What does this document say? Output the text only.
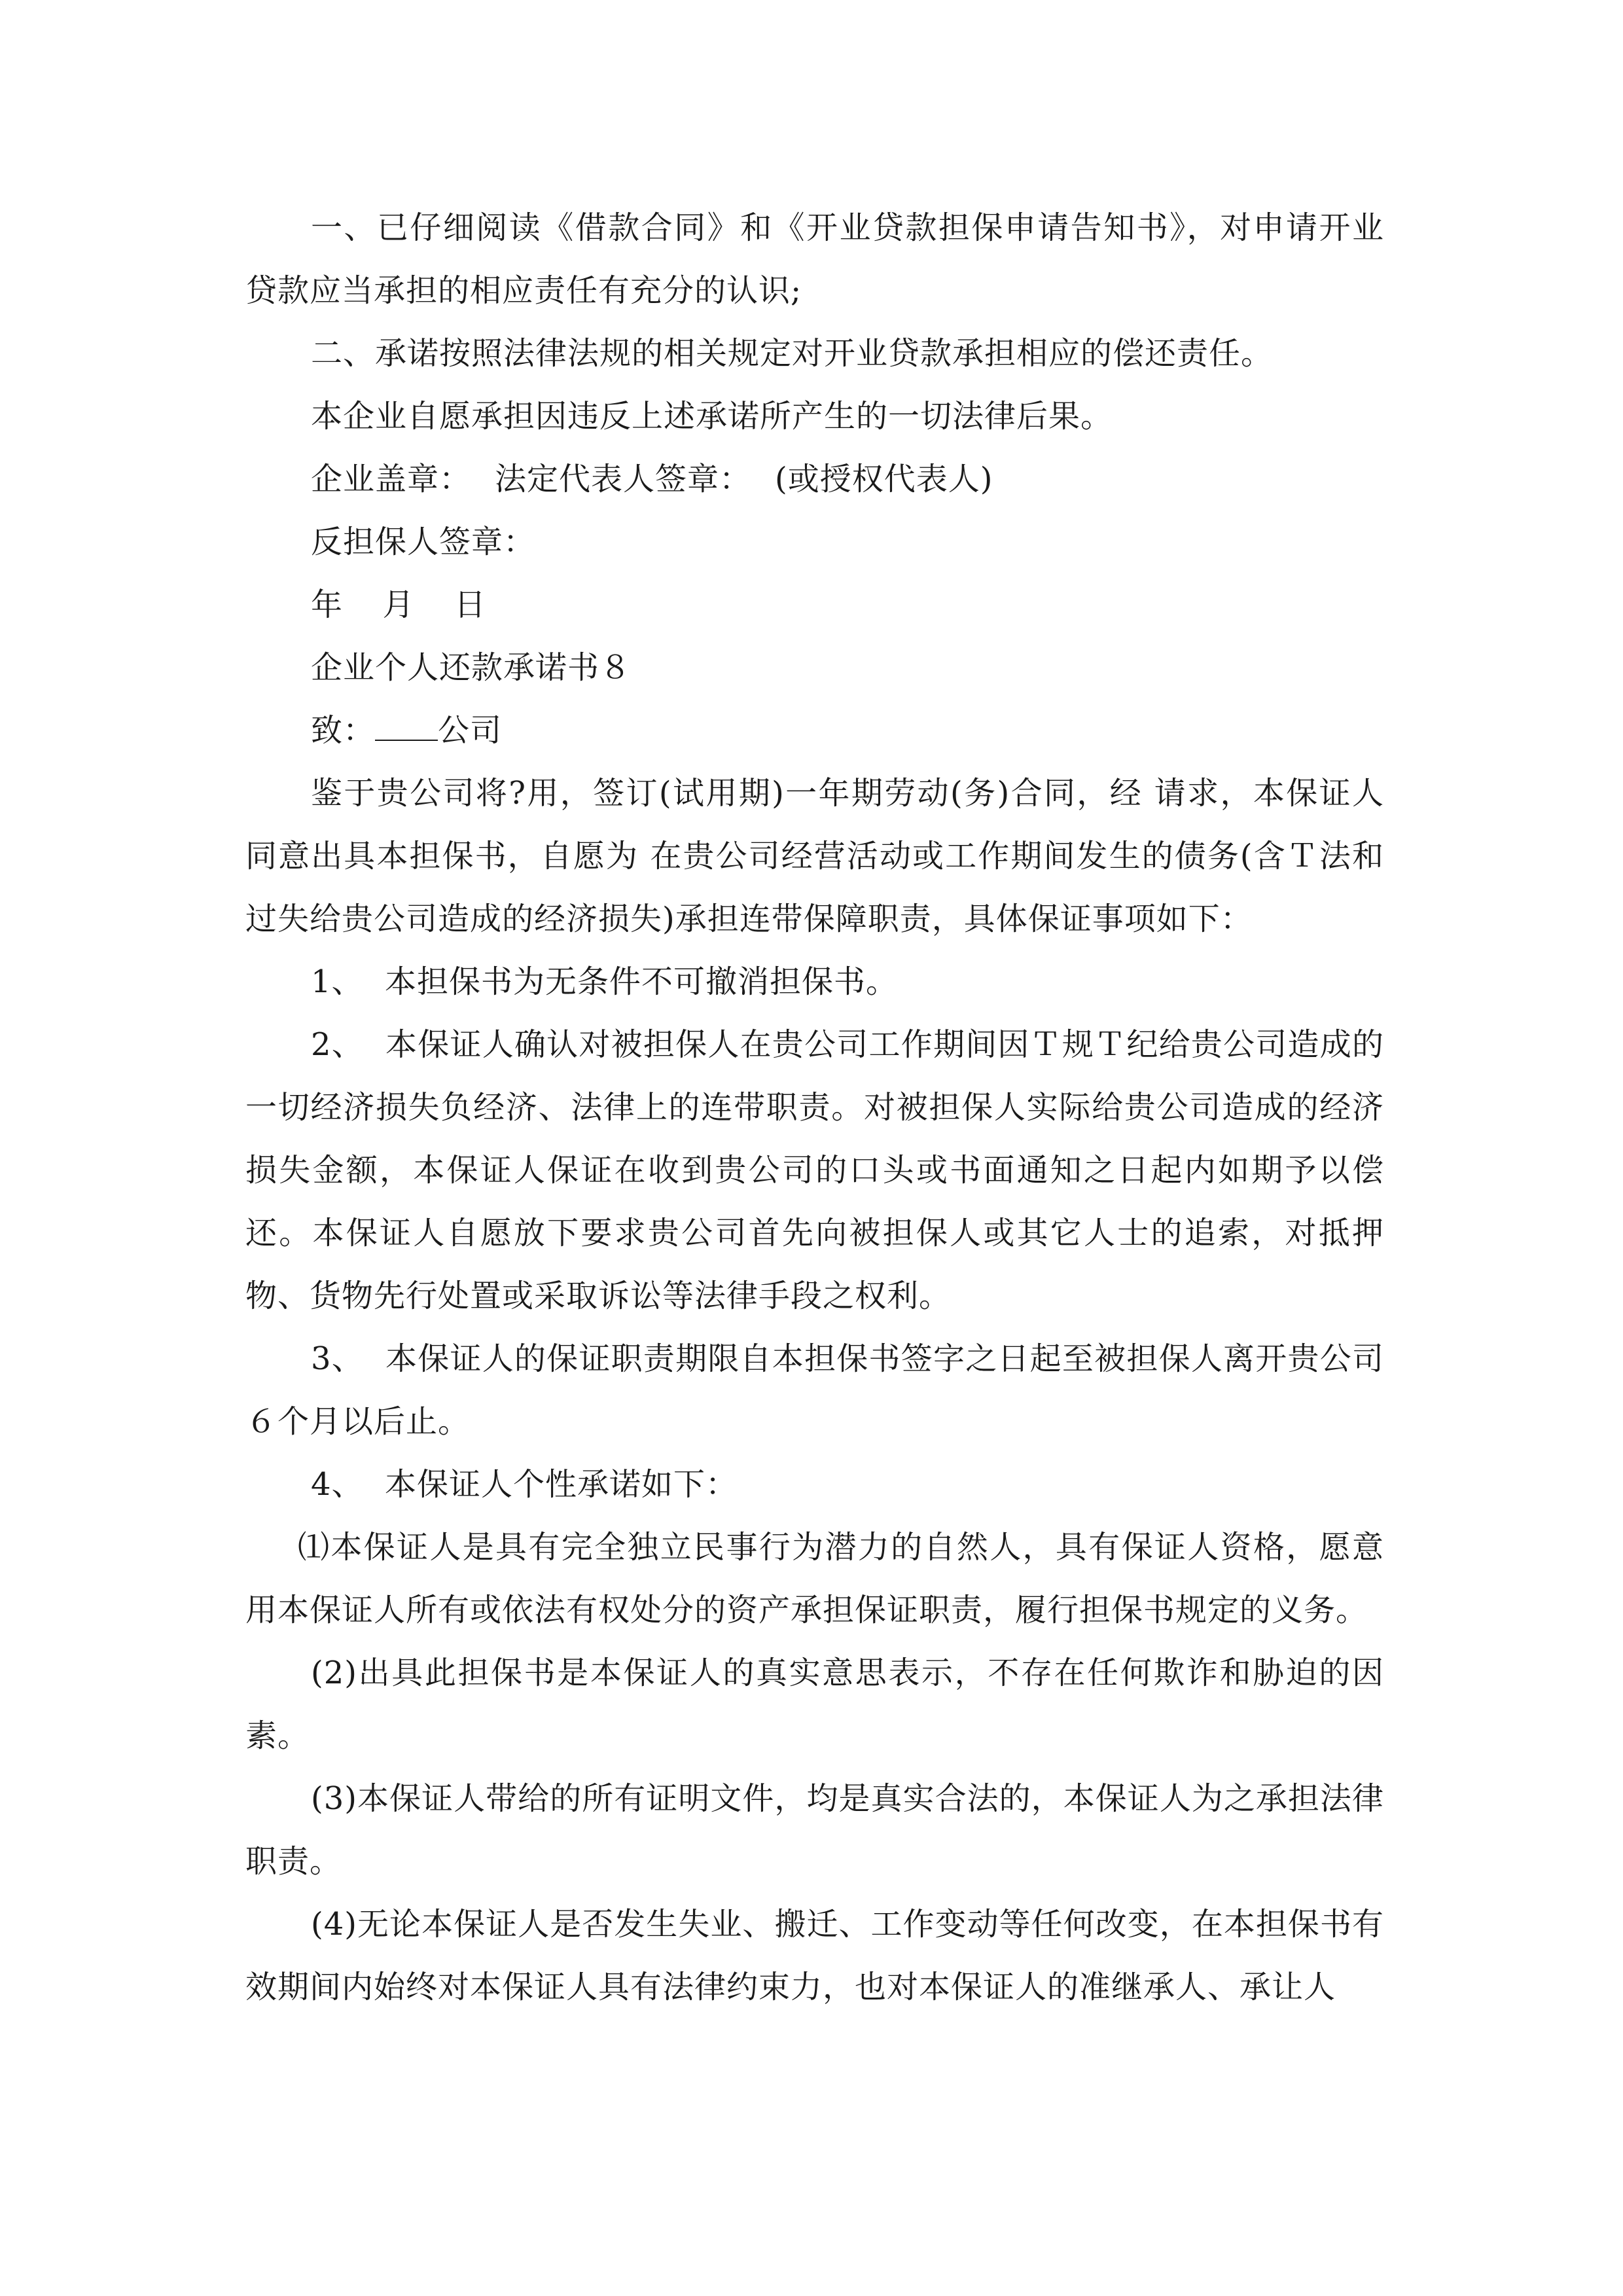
一、已仔细阅读《借款合同》和《开业贷款担保申请告知书》，对申请开业贷款应当承担的相应责任有充分的认识;

二、承诺按照法律法规的相关规定对开业贷款承担相应的偿还责任。

本企业自愿承担因违反上述承诺所产生的一切法律后果。

企业盖章： 法定代表人签章： (或授权代表人)

反担保人签章：

年  月  日

企业个人还款承诺书８

致： 公司

鉴于贵公司将?用，签订(试用期)一年期劳动(务)合同，经 请求，本保证人同意出具本担保书，自愿为 在贵公司经营活动或工作期间发生的债务(含Ｔ法和过失给贵公司造成的经济损失)承担连带保障职责，具体保证事项如下：

1、  本担保书为无条件不可撤消担保书。

2、  本保证人确认对被担保人在贵公司工作期间因Ｔ规Ｔ纪给贵公司造成的一切经济损失负经济、法律上的连带职责。对被担保人实际给贵公司造成的经济损失金额，本保证人保证在收到贵公司的口头或书面通知之日起内如期予以偿还。本保证人自愿放下要求贵公司首先向被担保人或其它人士的追索，对抵押物、货物先行处置或采取诉讼等法律手段之权利。

3、  本保证人的保证职责期限自本担保书签字之日起至被担保人离开贵公司６个月以后止。

4、  本保证人个性承诺如下：

⑴本保证人是具有完全独立民事行为潜力的自然人，具有保证人资格，愿意用本保证人所有或依法有权处分的资产承担保证职责，履行担保书规定的义务。

(2)出具此担保书是本保证人的真实意思表示，不存在任何欺诈和胁迫的因素。

(3)本保证人带给的所有证明文件，均是真实合法的，本保证人为之承担法律职责。

(4)无论本保证人是否发生失业、搬迁、工作变动等任何改变，在本担保书有效期间内始终对本保证人具有法律约束力，也对本保证人的准继承人、承让人
